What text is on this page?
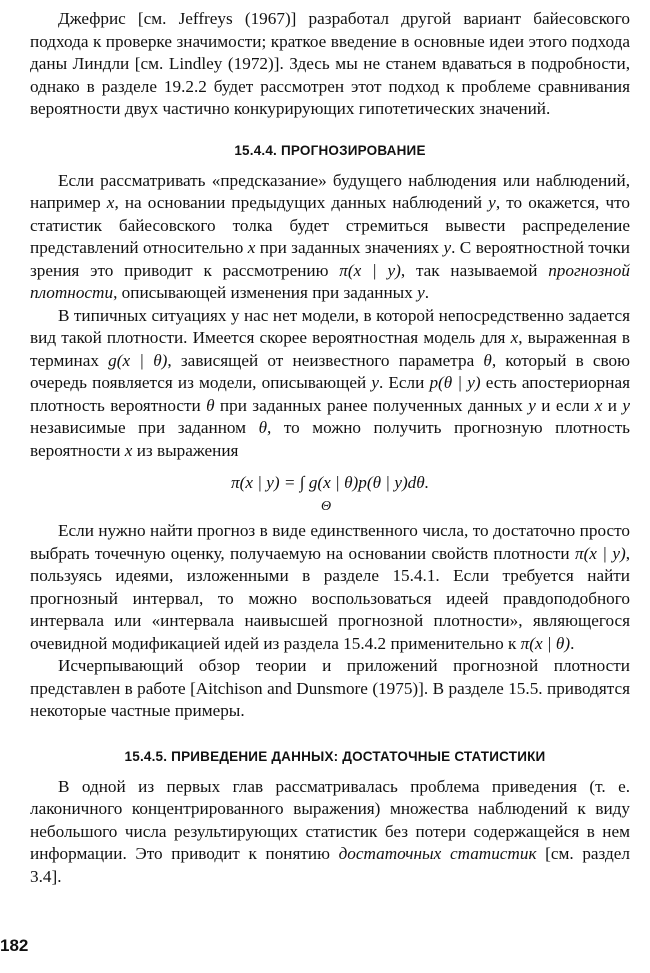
Джефрис [см. Jeffreys (1967)] разработал другой вариант байесовского подхода к проверке значимости; краткое введение в основные идеи этого подхода даны Линдли [см. Lindley (1972)]. Здесь мы не станем вдаваться в подробности, однако в разделе 19.2.2 будет рассмотрен этот подход к проблеме сравнивания вероятности двух частично конкурирующих гипотетических значений.

15.4.4. ПРОГНОЗИРОВАНИЕ

Если рассматривать «предсказание» будущего наблюдения или наблюдений, например x, на основании предыдущих данных наблюдений y, то окажется, что статистик байесовского толка будет стремиться вывести распределение представлений относительно x при заданных значениях y. С вероятностной точки зрения это приводит к рассмотрению π(x | y), так называемой прогнозной плотности, описывающей изменения при заданных y.

В типичных ситуациях у нас нет модели, в которой непосредственно задается вид такой плотности. Имеется скорее вероятностная модель для x, выраженная в терминах g(x | θ), зависящей от неизвестного параметра θ, который в свою очередь появляется из модели, описывающей y. Если p(θ | y) есть апостериорная плотность вероятности θ при заданных ранее полученных данных y и если x и y независимые при заданном θ, то можно получить прогнозную плотность вероятности x из выражения

π(x | y) = ∫ g(x | θ)p(θ | y)dθ.
Θ

Если нужно найти прогноз в виде единственного числа, то достаточно просто выбрать точечную оценку, получаемую на основании свойств плотности π(x | y), пользуясь идеями, изложенными в разделе 15.4.1. Если требуется найти прогнозный интервал, то можно воспользоваться идеей правдоподобного интервала или «интервала наивысшей прогнозной плотности», являющегося очевидной модификацией идей из раздела 15.4.2 применительно к π(x | θ).

Исчерпывающий обзор теории и приложений прогнозной плотности представлен в работе [Aitchison and Dunsmore (1975)]. В разделе 15.5. приводятся некоторые частные примеры.

15.4.5. ПРИВЕДЕНИЕ ДАННЫХ: ДОСТАТОЧНЫЕ СТАТИСТИКИ

В одной из первых глав рассматривалась проблема приведения (т. е. лаконичного концентрированного выражения) множества наблюдений к виду небольшого числа результирующих статистик без потери содержащейся в нем информации. Это приводит к понятию достаточных статистик [см. раздел 3.4].

182
